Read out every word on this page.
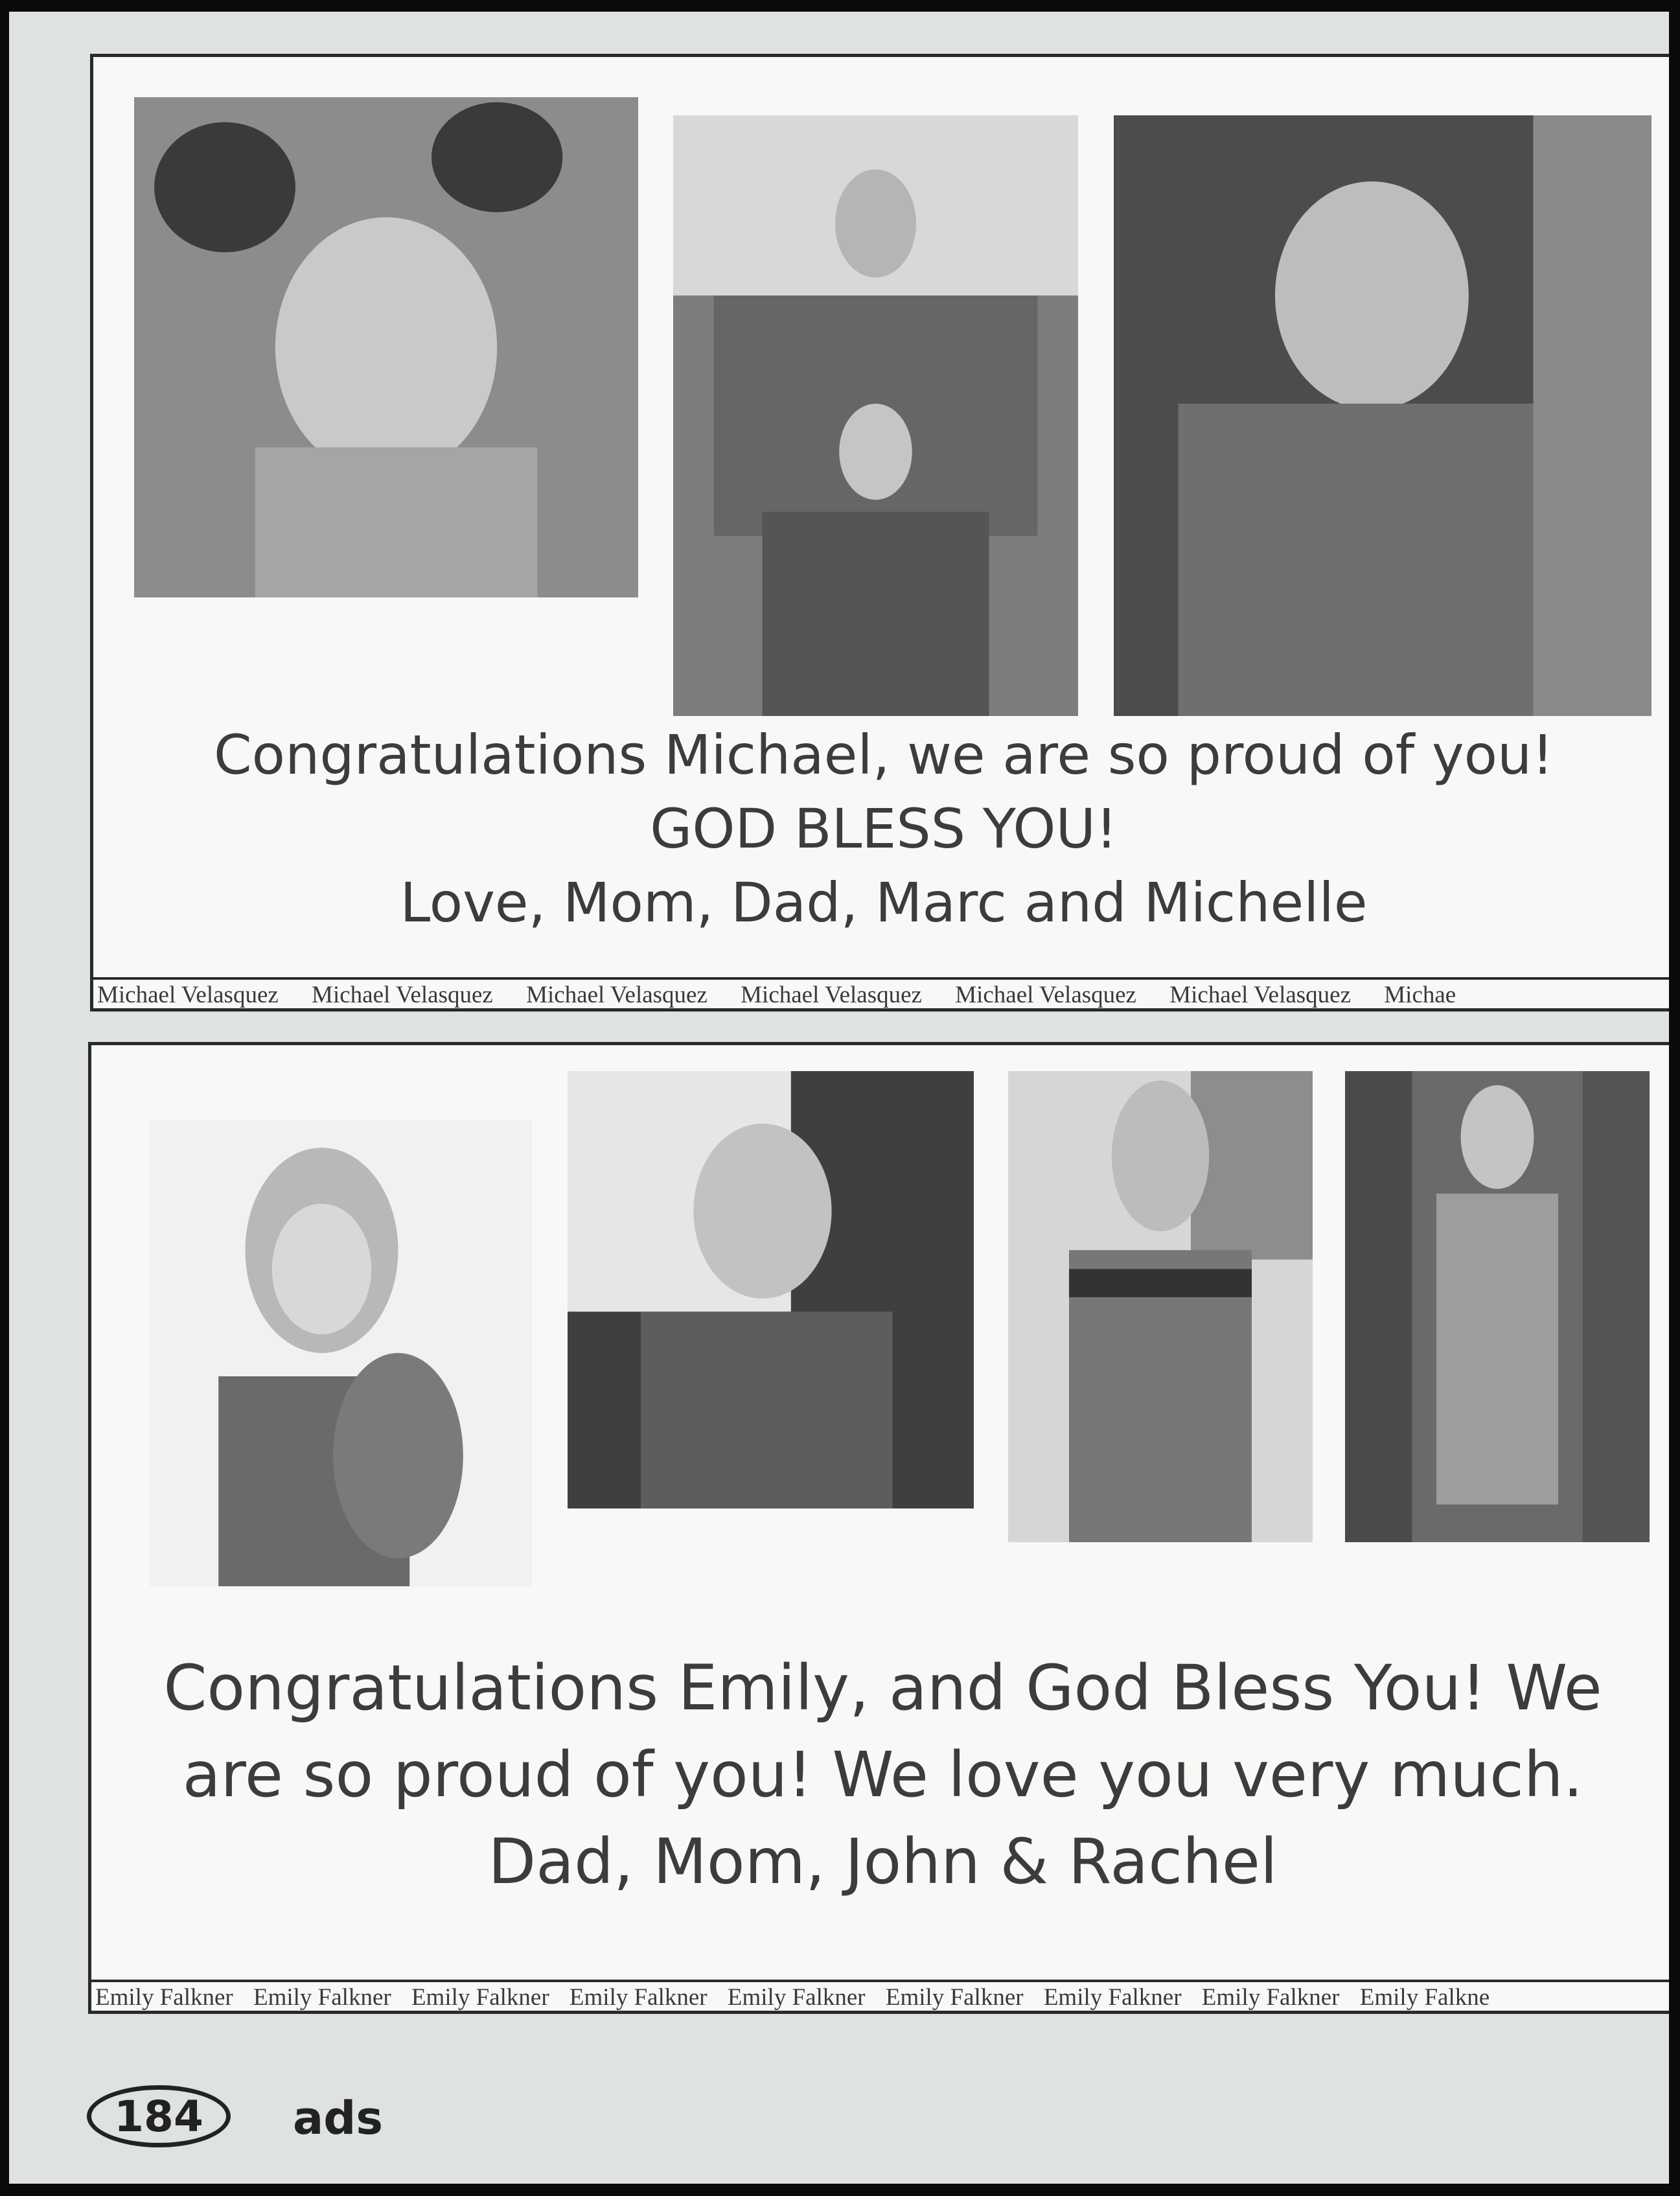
Congratulations Michael, we are so proud of you!
GOD BLESS YOU!
Love, Mom, Dad, Marc and Michelle
Michael Velasquez Michael Velasquez Michael Velasquez Michael Velasquez Michael Velasquez Michael Velasquez Michae
Congratulations Emily, and God Bless You! We
are so proud of you! We love you very much.
Dad, Mom, John & Rachel
Emily Falkner Emily Falkner Emily Falkner Emily Falkner Emily Falkner Emily Falkner Emily Falkner Emily Falkner Emily Falkne
184	ads
